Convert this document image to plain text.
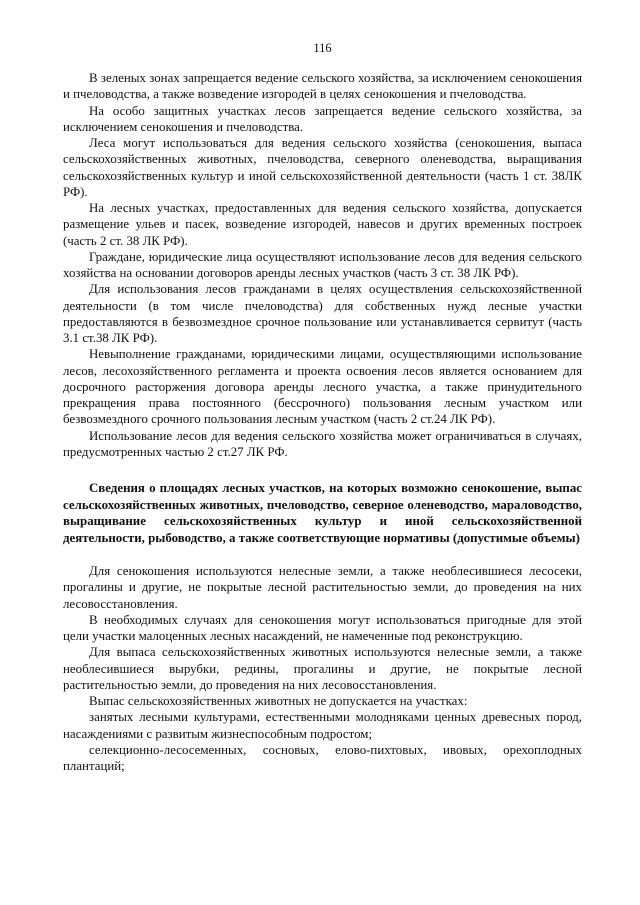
116

В зеленых зонах запрещается ведение сельского хозяйства, за исключением сенокошения и пчеловодства, а также возведение изгородей в целях сенокошения и пчеловодства.

На особо защитных участках лесов запрещается ведение сельского хозяйства, за исключением сенокошения и пчеловодства.

Леса могут использоваться для ведения сельского хозяйства (сенокошения, выпаса сельскохозяйственных животных, пчеловодства, северного оленеводства, выращивания сельскохозяйственных культур и иной сельскохозяйственной деятельности (часть 1 ст. 38ЛК РФ).

На лесных участках, предоставленных для ведения сельского хозяйства, допускается размещение ульев и пасек, возведение изгородей, навесов и других временных построек (часть 2 ст. 38 ЛК РФ).

Граждане, юридические лица осуществляют использование лесов для ведения сельского хозяйства на основании договоров аренды лесных участков (часть 3 ст. 38 ЛК РФ).

Для использования лесов гражданами в целях осуществления сельскохозяйственной деятельности (в том числе пчеловодства) для собственных нужд лесные участки предоставляются в безвозмездное срочное пользование или устанавливается сервитут (часть 3.1 ст.38 ЛК РФ).

Невыполнение гражданами, юридическими лицами, осуществляющими использование лесов, лесохозяйственного регламента и проекта освоения лесов является основанием для досрочного расторжения договора аренды лесного участка, а также принудительного прекращения права постоянного (бессрочного) пользования лесным участком или безвозмездного срочного пользования лесным участком (часть 2 ст.24 ЛК РФ).

Использование лесов для ведения сельского хозяйства может ограничиваться в случаях, предусмотренных частью 2 ст.27 ЛК РФ.

Сведения о площадях лесных участков, на которых возможно сенокошение, выпас сельскохозяйственных животных, пчеловодство, северное оленеводство, мараловодство, выращивание сельскохозяйственных культур и иной сельскохозяйственной деятельности, рыбоводство, а также соответствующие нормативы (допустимые объемы)

Для сенокошения используются нелесные земли, а также необлесившиеся лесосеки, прогалины и другие, не покрытые лесной растительностью земли, до проведения на них лесовосстановления.

В необходимых случаях для сенокошения могут использоваться пригодные для этой цели участки малоценных лесных насаждений, не намеченные под реконструкцию.

Для выпаса сельскохозяйственных животных используются нелесные земли, а также необлесившиеся вырубки, редины, прогалины и другие, не покрытые лесной растительностью земли, до проведения на них лесовосстановления.

Выпас сельскохозяйственных животных не допускается на участках:

занятых лесными культурами, естественными молодняками ценных древесных пород, насаждениями с развитым жизнеспособным подростом;

селекционно-лесосеменных, сосновых, елово-пихтовых, ивовых, орехоплодных плантаций;
